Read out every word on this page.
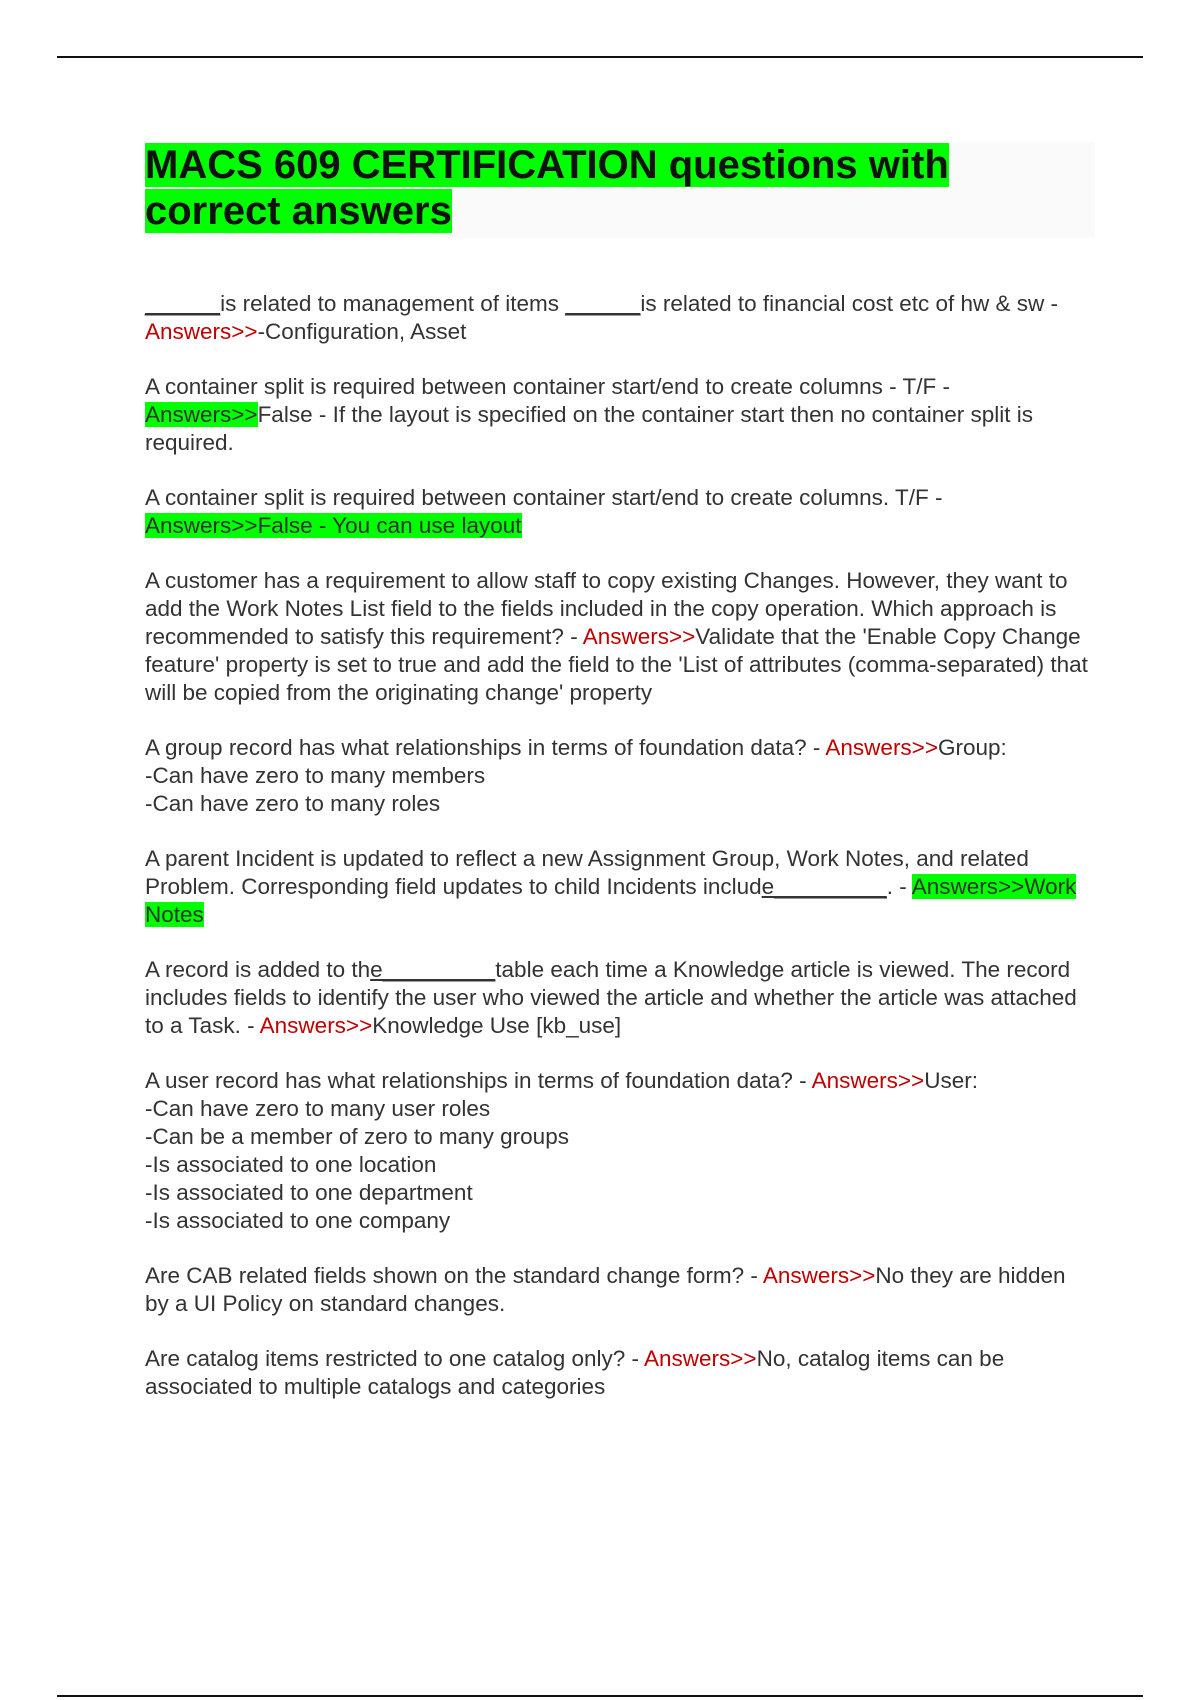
MACS 609 CERTIFICATION questions with correct answers

______is related to management of items ______is related to financial cost etc of hw & sw - Answers>>-Configuration, Asset

A container split is required between container start/end to create columns - T/F - Answers>>False - If the layout is specified on the container start then no container split is required.

A container split is required between container start/end to create columns. T/F - Answers>>False - You can use layout

A customer has a requirement to allow staff to copy existing Changes. However, they want to add the Work Notes List field to the fields included in the copy operation. Which approach is recommended to satisfy this requirement? - Answers>>Validate that the 'Enable Copy Change feature' property is set to true and add the field to the 'List of attributes (comma-separated) that will be copied from the originating change' property

A group record has what relationships in terms of foundation data? - Answers>>Group:
-Can have zero to many members
-Can have zero to many roles

A parent Incident is updated to reflect a new Assignment Group, Work Notes, and related Problem. Corresponding field updates to child Incidents include_________. - Answers>>Work Notes

A record is added to the_________table each time a Knowledge article is viewed. The record includes fields to identify the user who viewed the article and whether the article was attached to a Task. - Answers>>Knowledge Use [kb_use]

A user record has what relationships in terms of foundation data? - Answers>>User:
-Can have zero to many user roles
-Can be a member of zero to many groups
-Is associated to one location
-Is associated to one department
-Is associated to one company

Are CAB related fields shown on the standard change form? - Answers>>No they are hidden by a UI Policy on standard changes.

Are catalog items restricted to one catalog only? - Answers>>No, catalog items can be associated to multiple catalogs and categories
